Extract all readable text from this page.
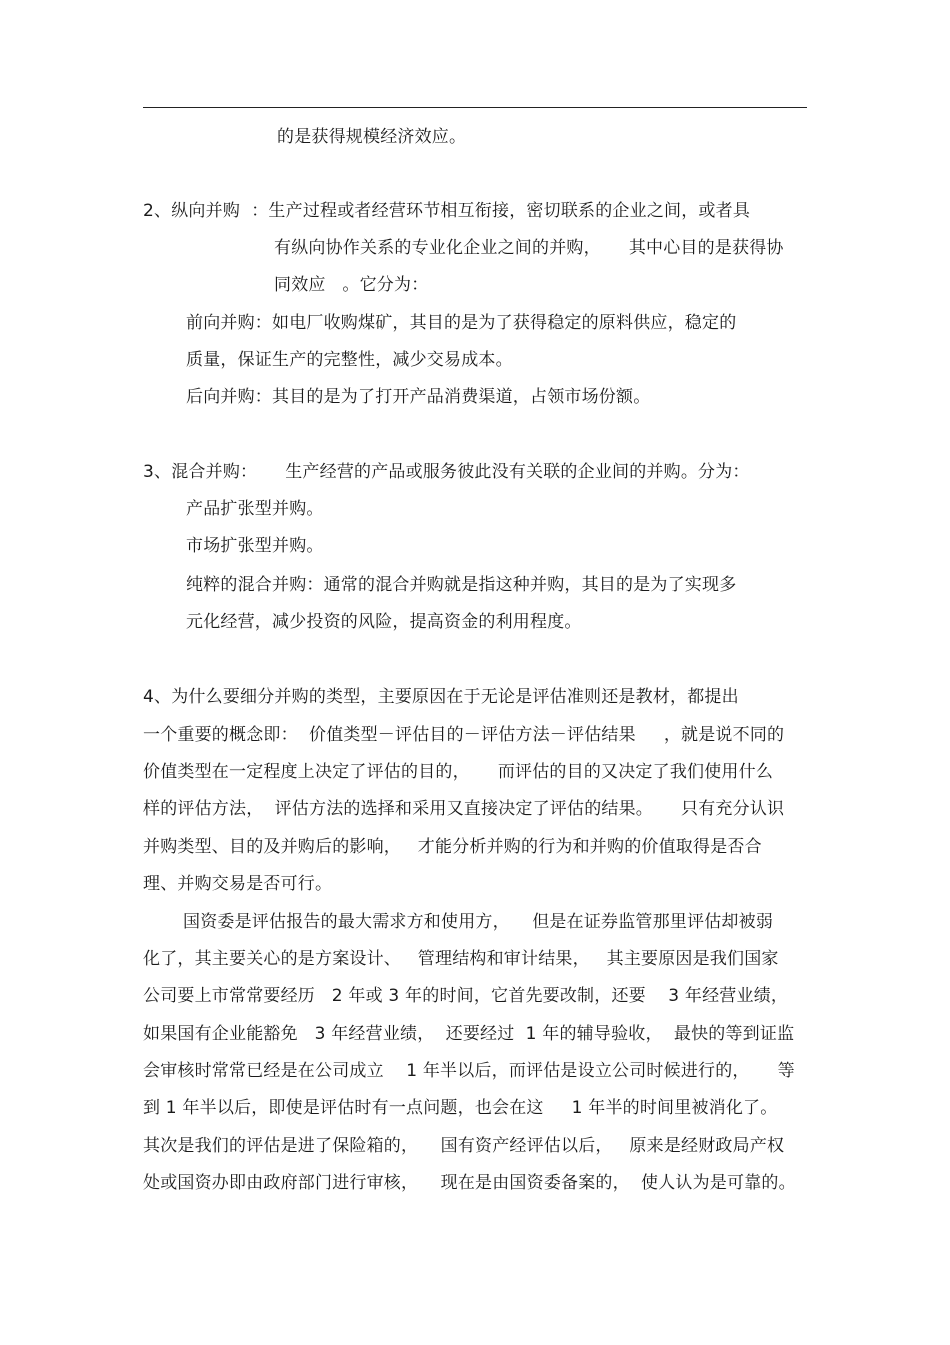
的是获得规模经济效应。
2、纵向并购  ：生产过程或者经营环节相互衔接，密切联系的企业之间，或者具
有纵向协作关系的专业化企业之间的并购，     其中心目的是获得协
同效应   。它分为：
前向并购：如电厂收购煤矿，其目的是为了获得稳定的原料供应，稳定的
质量，保证生产的完整性，减少交易成本。
后向并购：其目的是为了打开产品消费渠道，占领市场份额。
3、混合并购：     生产经营的产品或服务彼此没有关联的企业间的并购。分为：
产品扩张型并购。
市场扩张型并购。
纯粹的混合并购：通常的混合并购就是指这种并购，其目的是为了实现多
元化经营，减少投资的风险，提高资金的利用程度。
4、为什么要细分并购的类型，主要原因在于无论是评估准则还是教材，都提出
一个重要的概念即：  价值类型－评估目的－评估方法－评估结果     ，就是说不同的
价值类型在一定程度上决定了评估的目的，     而评估的目的又决定了我们使用什么
样的评估方法，  评估方法的选择和采用又直接决定了评估的结果。     只有充分认识
并购类型、目的及并购后的影响，   才能分析并购的行为和并购的价值取得是否合
理、并购交易是否可行。
国资委是评估报告的最大需求方和使用方，    但是在证券监管那里评估却被弱
化了，其主要关心的是方案设计、   管理结构和审计结果，   其主要原因是我们国家
公司要上市常常要经历   2 年或 3 年的时间，它首先要改制，还要    3 年经营业绩，
如果国有企业能豁免   3 年经营业绩，  还要经过  1 年的辅导验收，  最快的等到证监
会审核时常常已经是在公司成立    1 年半以后，而评估是设立公司时候进行的，     等
到 1 年半以后，即使是评估时有一点问题，也会在这     1 年半的时间里被消化了。
其次是我们的评估是进了保险箱的，    国有资产经评估以后，   原来是经财政局产权
处或国资办即由政府部门进行审核，    现在是由国资委备案的，  使人认为是可靠的。
